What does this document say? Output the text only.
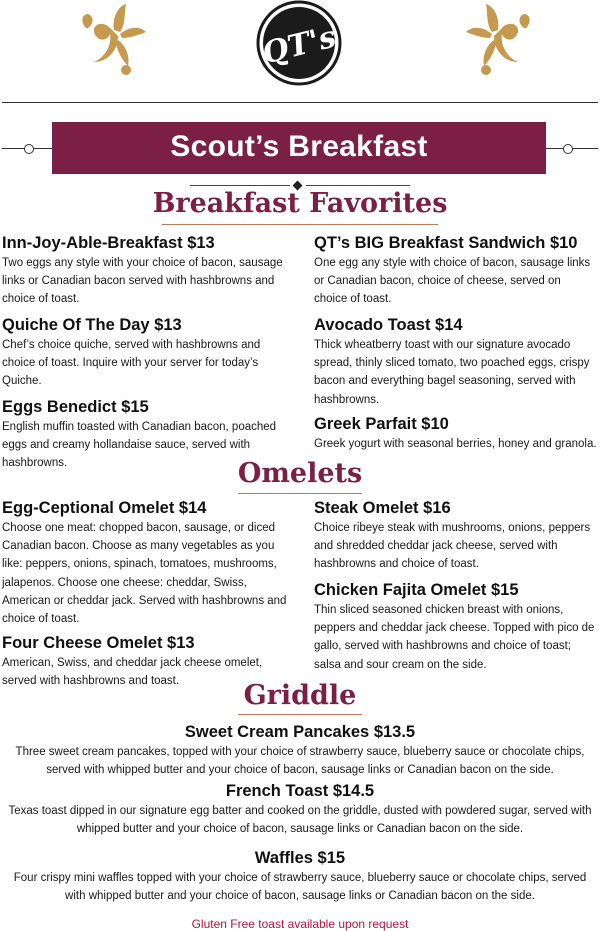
QT's
Scout’s Breakfast
Breakfast Favorites
Inn-Joy-Able-Breakfast $13
Two eggs any style with your choice of bacon, sausage links or Canadian bacon served with hashbrowns and choice of toast.
Quiche Of The Day $13
Chef’s choice quiche, served with hashbrowns and choice of toast. Inquire with your server for today’s Quiche.
Eggs Benedict $15
English muffin toasted with Canadian bacon, poached eggs and creamy hollandaise sauce, served with hashbrowns.
QT’s BIG Breakfast Sandwich $10
One egg any style with choice of bacon, sausage links or Canadian bacon, choice of cheese, served on choice of toast.
Avocado Toast $14
Thick wheatberry toast with our signature avocado spread, thinly sliced tomato, two poached eggs, crispy bacon and everything bagel seasoning, served with hashbrowns.
Greek Parfait $10
Greek yogurt with seasonal berries, honey and granola.
Omelets
Egg-Ceptional Omelet $14
Choose one meat: chopped bacon, sausage, or diced Canadian bacon. Choose as many vegetables as you like: peppers, onions, spinach, tomatoes, mushrooms, jalapenos. Choose one cheese: cheddar, Swiss, American or cheddar jack. Served with hashbrowns and choice of toast.
Four Cheese Omelet $13
American, Swiss, and cheddar jack cheese omelet, served with hashbrowns and toast.
Steak Omelet $16
Choice ribeye steak with mushrooms, onions, peppers and shredded cheddar jack cheese, served with hashbrowns and choice of toast.
Chicken Fajita Omelet $15
Thin sliced seasoned chicken breast with onions, peppers and cheddar jack cheese. Topped with pico de gallo, served with hashbrowns and choice of toast; salsa and sour cream on the side.
Griddle
Sweet Cream Pancakes $13.5
Three sweet cream pancakes, topped with your choice of strawberry sauce, blueberry sauce or chocolate chips, served with whipped butter and your choice of bacon, sausage links or Canadian bacon on the side.
French Toast $14.5
Texas toast dipped in our signature egg batter and cooked on the griddle, dusted with powdered sugar, served with whipped butter and your choice of bacon, sausage links or Canadian bacon on the side.
Waffles $15
Four crispy mini waffles topped with your choice of strawberry sauce, blueberry sauce or chocolate chips, served with whipped butter and your choice of bacon, sausage links or Canadian bacon on the side.
Gluten Free toast available upon request
